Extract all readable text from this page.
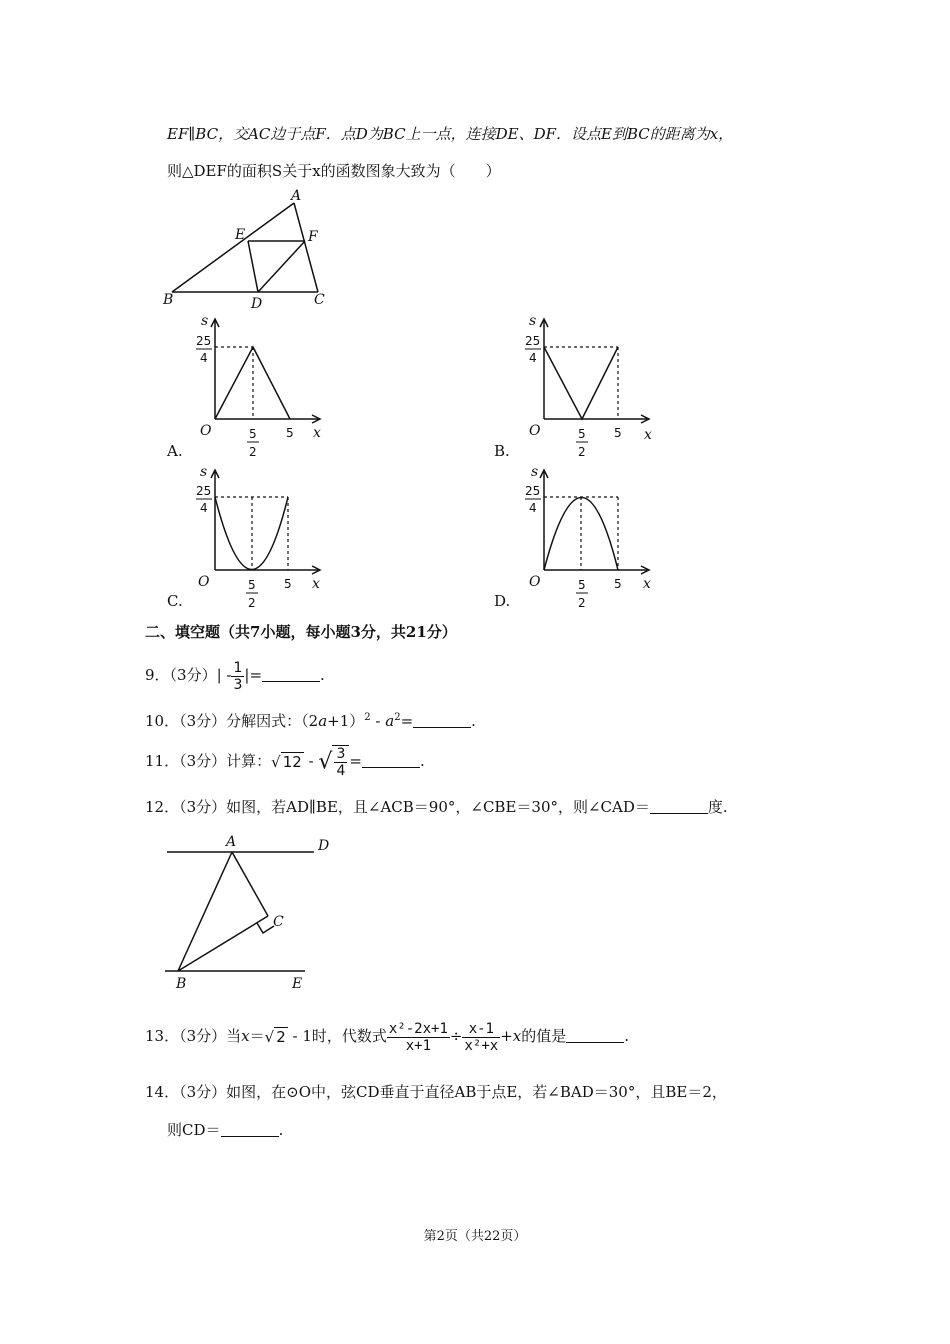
EF∥BC，交AC边于点F．点D为BC上一点，连接DE、DF．设点E到BC的距离为x，
则△DEF的面积S关于x的函数图象大致为（　　）
A
B	C
D
E	F
s
25
4
O	5
2
5 x
A.
s
25
4
O	5
2
5 x
B.
s
25
4
O	5
2
5 x
C.
s
25
4
O	5
2
5 x
D.
二、填空题（共7小题，每小题3分，共21分）
9．（3分）| - $\frac{1}{3}$ |=	.
10．（3分）分解因式：$(2a+1)^2 - a^2=$	.
11．（3分）计算：√ 12 - √ $\frac{3}{4}$ =	.
12．（3分）如图，若AD∥BE，且∠ACB＝90°，∠CBE＝30°，则∠CAD＝	度.
A
B
C
D
E
13．（3分）当x＝√ 2 - 1时，代数式 $\frac{\text{x²-2x+1}}{x+1} \div \frac{x-1}{\text{x²+x}} +x$的值是	.
14．（3分）如图，在⊙O中，弦CD垂直于直径AB于点E，若∠BAD＝30°，且BE＝2，
则CD＝	.
第2页（共22页）
